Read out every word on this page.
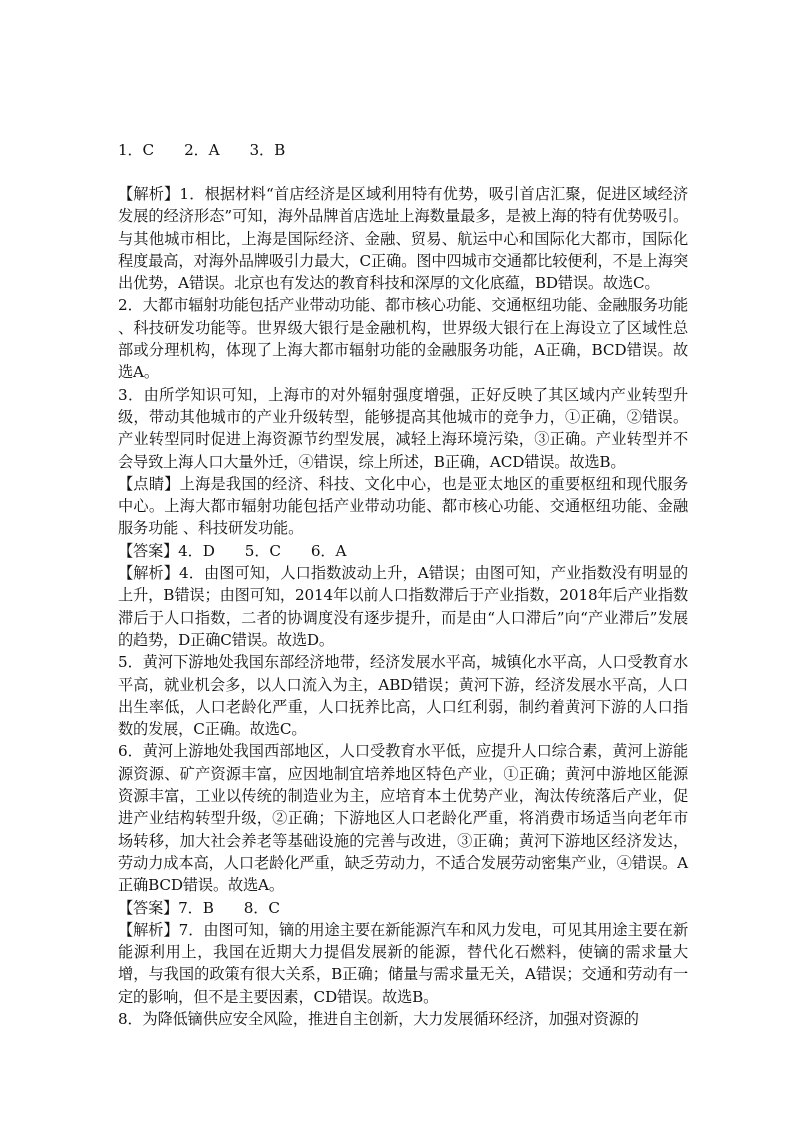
1．C　　2．A　　3．B

【解析】1．根据材料“首店经济是区域利用特有优势，吸引首店汇聚，促进区域经济发展的经济形态”可知，海外品牌首店选址上海数量最多，是被上海的特有优势吸引。与其他城市相比，上海是国际经济、金融、贸易、航运中心和国际化大都市，国际化程度最高，对海外品牌吸引力最大，C正确。图中四城市交通都比较便利，不是上海突出优势，A错误。北京也有发达的教育科技和深厚的文化底蕴，BD错误。故选C。

2．大都市辐射功能包括产业带动功能、都市核心功能、交通枢纽功能、金融服务功能 、科技研发功能等。世界级大银行是金融机构，世界级大银行在上海设立了区域性总部或分理机构，体现了上海大都市辐射功能的金融服务功能，A正确，BCD错误。故选A。

3．由所学知识可知，上海市的对外辐射强度增强，正好反映了其区域内产业转型升级，带动其他城市的产业升级转型，能够提高其他城市的竞争力，①正确，②错误。产业转型同时促进上海资源节约型发展，减轻上海环境污染，③正确。产业转型并不会导致上海人口大量外迁，④错误，综上所述，B正确，ACD错误。故选B。

【点睛】上海是我国的经济、科技、文化中心，也是亚太地区的重要枢纽和现代服务中心。上海大都市辐射功能包括产业带动功能、都市核心功能、交通枢纽功能、金融服务功能 、科技研发功能。

【答案】4．D　　5．C　　6．A

【解析】4．由图可知，人口指数波动上升，A错误；由图可知，产业指数没有明显的上升，B错误；由图可知，2014年以前人口指数滞后于产业指数，2018年后产业指数滞后于人口指数，二者的协调度没有逐步提升，而是由“人口滞后”向“产业滞后”发展的趋势，D正确C错误。故选D。

5．黄河下游地处我国东部经济地带，经济发展水平高，城镇化水平高，人口受教育水平高，就业机会多，以人口流入为主，ABD错误；黄河下游，经济发展水平高，人口出生率低，人口老龄化严重，人口抚养比高，人口红利弱，制约着黄河下游的人口指数的发展，C正确。故选C。

6．黄河上游地处我国西部地区，人口受教育水平低，应提升人口综合素，黄河上游能源资源、矿产资源丰富，应因地制宜培养地区特色产业，①正确；黄河中游地区能源资源丰富，工业以传统的制造业为主，应培育本土优势产业，淘汰传统落后产业，促进产业结构转型升级，②正确；下游地区人口老龄化严重，将消费市场适当向老年市场转移，加大社会养老等基础设施的完善与改进，③正确；黄河下游地区经济发达，劳动力成本高，人口老龄化严重，缺乏劳动力，不适合发展劳动密集产业，④错误。A正确BCD错误。故选A。

【答案】7．B　　8．C

【解析】7．由图可知，镝的用途主要在新能源汽车和风力发电，可见其用途主要在新能源利用上，我国在近期大力提倡发展新的能源，替代化石燃料，使镝的需求量大增，与我国的政策有很大关系，B正确；储量与需求量无关，A错误；交通和劳动有一定的影响，但不是主要因素，CD错误。故选B。

8．为降低镝供应安全风险，推进自主创新，大力发展循环经济，加强对资源的
